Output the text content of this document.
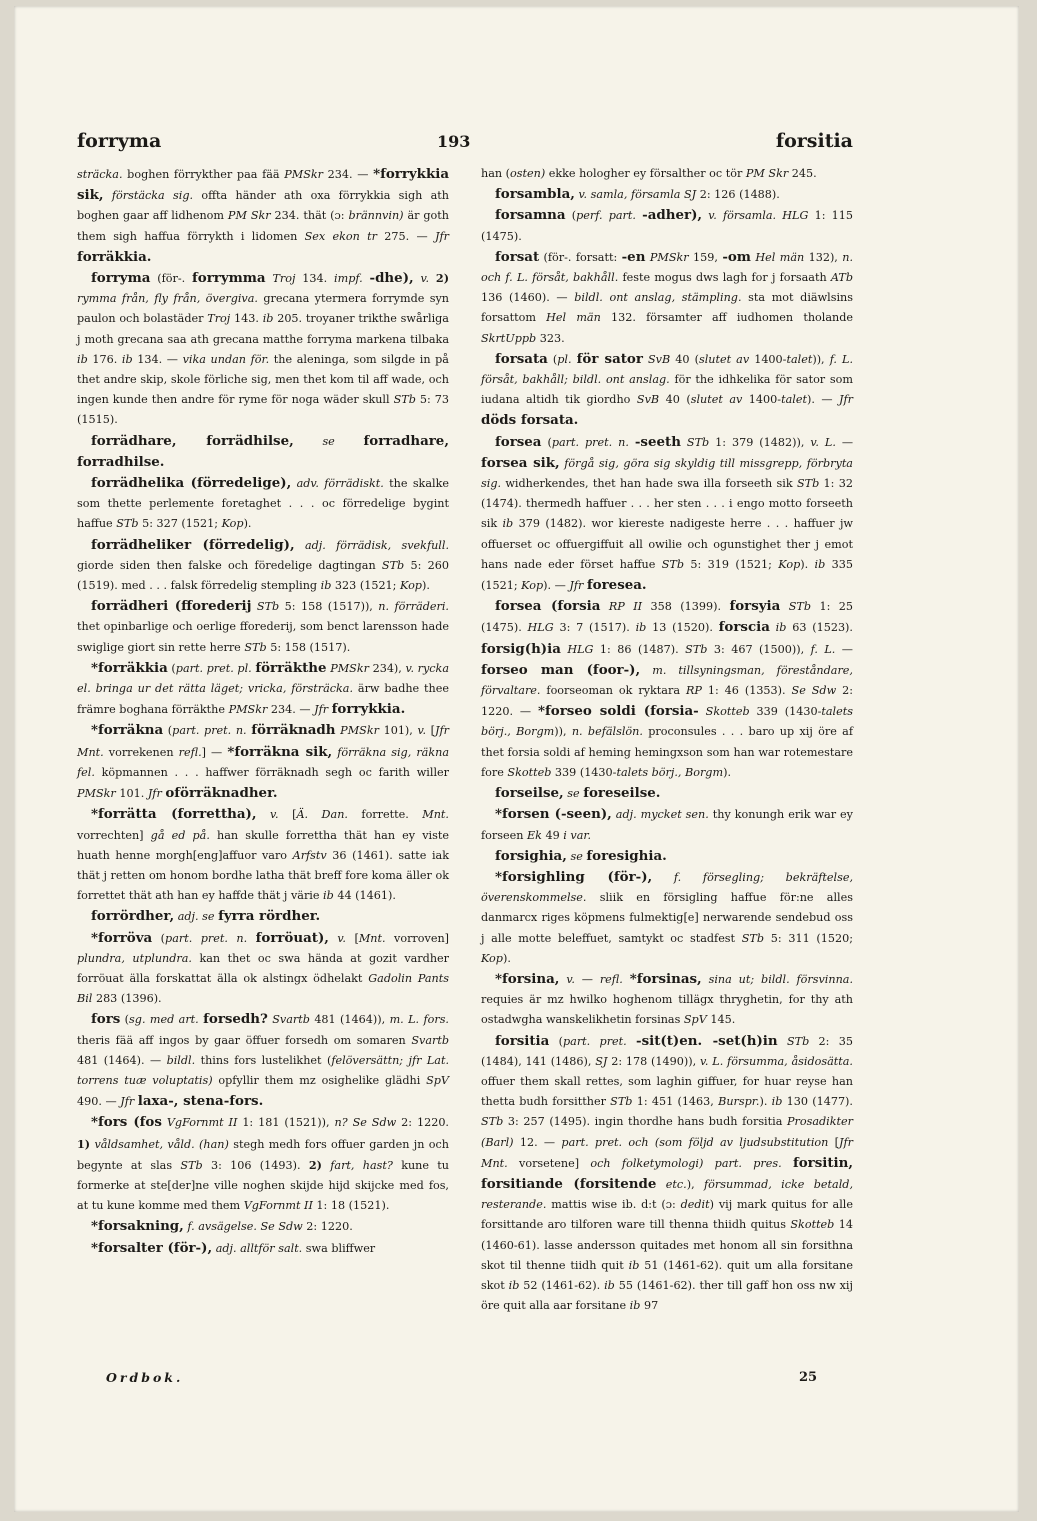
forryma	193	forsitia

sträcka. boghen förrykther paa fää PMSkr 234. — *forrykkia sik, förstäcka sig. offta händer ath oxa förrykkia sigh ath boghen gaar aff lidhenom PM Skr 234. thät (ɔ: brännvin) är goth them sigh haffua förrykth i lidomen Sex ekon tr 275. — Jfr forräkkia.

forryma (för-. forrymma Troj 134. impf. -dhe), v. 2) rymma från, fly från, övergiva. grecana ytermera forrymde syn paulon och bolastäder Troj 143. ib 205. troyaner trikthe swårliga j moth grecana saa ath grecana matthe forryma markena tilbaka ib 176. ib 134. — vika undan för. the aleninga, som silgde in på thet andre skip, skole förliche sig, men thet kom til aff wade, och ingen kunde then andre för ryme för noga wäder skull STb 5: 73 (1515).

forrädhare, forrädhilse,	se forradhare, forradhilse.

forrädhelika (förredelige), adv. förrädiskt. the skalke som thette perlemente foretaghet . . . oc förredelige bygint haffue STb 5: 327 (1521; Kop).

forrädheliker (förredelig), adj. förrädisk, svekfull. giorde siden then falske och föredelige dagtingan STb 5: 260 (1519). med . . . falsk förredelig stempling ib 323 (1521; Kop).

forrädheri (fforederij STb 5: 158 (1517)), n. förräderi. thet opinbarlige och oerlige fforederij, som benct larensson hade swiglige giort sin rette herre STb 5: 158 (1517).

*forräkkia (part. pret. pl. förräkthe PMSkr 234), v. rycka el. bringa ur det rätta läget; vricka, försträcka. ärw badhe thee främre boghana förräkthe PMSkr 234. — Jfr forrykkia.

*forräkna (part. pret. n. förräknadh PMSkr 101), v. [Jfr Mnt. vorrekenen refl.] — *forräkna sik, förräkna sig, räkna fel. köpmannen . . . haffwer förräknadh segh oc farith willer PMSkr 101. Jfr oförräknadher.

*forrätta (forrettha), v. [Ä. Dan. forrette. Mnt. vorrechten] gå ed på. han skulle forrettha thät han ey viste huath henne morgh[eng]affuor varo Arfstv 36 (1461). satte iak thät j retten om honom bordhe latha thät breff fore koma äller ok forrettet thät ath han ey haffde thät j värie ib 44 (1461).

forrördher, adj. se fyrra rördher.

*forröva (part. pret. n. forröuat), v. [Mnt. vorroven] plundra, utplundra. kan thet oc swa hända at gozit vardher forröuat älla forskattat älla ok alstingx ödhelakt Gadolin Pants Bil 283 (1396).

fors (sg. med art. forsedh? Svartb 481 (1464)), m. L. fors. theris fää aff ingos by gaar öffuer forsedh om somaren Svartb 481 (1464). — bildl. thins fors lustelikhet (felöversättn; jfr Lat. torrens tuæ voluptatis) opfyllir them mz osighelike glädhi SpV 490. — Jfr laxa-, stena-fors.

*fors (fos VgFornmt II 1: 181 (1521)), n? Se Sdw 2: 1220. 1) våldsamhet, våld. (han) stegh medh fors offuer garden jn och begynte at slas STb 3: 106 (1493). 2) fart, hast? kune tu formerke at ste[der]ne ville noghen skijde hijd skijcke med fos, at tu kune komme med them VgFornmt II 1: 18 (1521).

*forsakning, f. avsägelse. Se Sdw 2: 1220.

*forsalter (för-), adj. alltför salt. swa bliffwer

han (osten) ekke hologher ey försalther oc tör PM Skr 245.

forsambla, v. samla, församla SJ 2: 126 (1488).

forsamna (perf. part. -adher), v. församla. HLG 1: 115 (1475).

forsat (för-. forsatt: -en PMSkr 159, -om Hel män 132), n. och f. L. försåt, bakhåll. feste mogus dws lagh for j forsaath ATb 136 (1460). — bildl. ont anslag, stämpling. sta mot diäwlsins forsattom Hel män 132. församter aff iudhomen tholande SkrtUppb 323.

forsata (pl. för sator SvB 40 (slutet av 1400-talet)), f. L. försåt, bakhåll; bildl. ont anslag. för the idhkelika för sator som iudana altidh tik giordho SvB 40 (slutet av 1400-talet). — Jfr döds forsata.

forsea (part. pret. n. -seeth STb 1: 379 (1482)), v. L. — forsea sik, förgå sig, göra sig skyldig till missgrepp, förbryta sig. widherkendes, thet han hade swa illa forseeth sik STb 1: 32 (1474). thermedh haffuer . . . her sten . . . i engo motto forseeth sik ib 379 (1482). wor kiereste nadigeste herre . . . haffuer jw offuerset oc offuergiffuit all owilie och ogunstighet ther j emot hans nade eder förset haffue STb 5: 319 (1521; Kop). ib 335 (1521; Kop). — Jfr foresea.

forsea (forsia RP II 358 (1399). forsyia STb 1: 25 (1475). HLG 3: 7 (1517). ib 13 (1520). forscia ib 63 (1523). forsig(h)ia HLG 1: 86 (1487). STb 3: 467 (1500)), f. L. — forseo man (foor-), m. tillsyningsman, föreståndare, förvaltare. foorseoman ok ryktara RP 1: 46 (1353). Se Sdw 2: 1220. — *forseo soldi (forsia- Skotteb 339 (1430-talets börj., Borgm)), n. befälslön. proconsules . . . baro up xij öre af thet forsia soldi af heming hemingxson som han war rotemestare fore Skotteb 339 (1430-talets börj., Borgm).

forseilse, se foreseilse.

*forsen (-seen), adj. mycket sen. thy konungh erik war ey forseen Ek 49 i var.

forsighia, se foresighia.

*forsighling (för-), f. försegling; bekräftelse, överenskommelse. sliik en försigling haffue för:ne alles danmarcx riges köpmens fulmektig[e] nerwarende sendebud oss j alle motte beleffuet, samtykt oc stadfest STb 5: 311 (1520; Kop).

*forsina, v. — refl. *forsinas, sina ut; bildl. försvinna. requies är mz hwilko hoghenom tillägx thryghetin, for thy ath ostadwgha wanskelikhetin forsinas SpV 145.

forsitia (part. pret. -sit(t)en. -set(h)in STb 2: 35 (1484), 141 (1486), SJ 2: 178 (1490)), v. L. försumma, åsidosätta. offuer them skall rettes, som laghin giffuer, for huar reyse han thetta budh forsitther STb 1: 451 (1463, Burspr.). ib 130 (1477). STb 3: 257 (1495). ingin thordhe hans budh forsitia Prosadikter (Barl) 12. — part. pret. och (som följd av ljudsubstitution [Jfr Mnt. vorsetene] och folketymologi) part. pres. forsitin, forsitiande (forsitende etc.), försummad, icke betald, resterande. mattis wise ib. d:t (ɔ: dedit) vij mark quitus for alle forsittande aro tilforen ware till thenna thiidh quitus Skotteb 14 (1460-61). lasse andersson quitades met honom all sin forsithna skot til thenne tiidh quit ib 51 (1461-62). quit um alla forsitane skot ib 52 (1461-62). ib 55 (1461-62). ther till gaff hon oss nw xij öre quit alla aar forsitane ib 97

Ordbok.	25
